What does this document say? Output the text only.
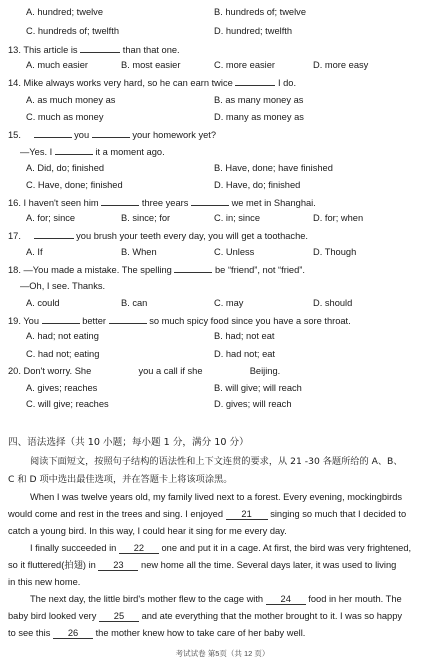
A. hundred; twelve	B. hundreds of; twelve
C. hundreds of; twelfth	D. hundred; twelfth
13. This article is	than that one.
A. much easier	B. most easier	C. more easier	D. more easy
14. Mike always works very hard, so he can earn twice	I do.
A. as much money as	B. as many money as
C. much as money	D. many as money as
15.	you	your homework yet?
—Yes. I	it a moment ago.
A. Did, do; finished	B. Have, done; have finished
C. Have, done; finished	D. Have, do; finished
16. I haven't seen him	three years	we met in Shanghai.
A. for; since	B. since; for	C. in; since	D. for; when
17.	you brush your teeth every day, you will get a toothache.
A. If	B. When	C. Unless	D. Though
18. —You made a mistake. The spelling	be “friend”, not “fried”.
—Oh, I see. Thanks.
A. could	B. can	C. may	D. should
19. You	better	so much spicy food since you have a sore throat.
A. had; not eating	B. had; not eat
C. had not; eating	D. had not; eat
20. Don't worry. She	you a call if she	Beijing.
A. gives; reaches	B. will give; will reach
C. will give; reaches	D. gives; will reach
四、语法选择（共 10 小题；每小题 1 分，满分 10 分）
阅读下面短文，按照句子结构的语法性和上下文连贯的要求，从 21 -30 各题所给的 A、B、
C 和 D 项中选出最佳选项，并在答题卡上将该项涂黑。
When I was twelve years old, my family lived next to a forest. Every evening, mockingbirds
would come and rest in the trees and sing. I enjoyed 21 singing so much that I decided to
catch a young bird. In this way, I could hear it sing for me every day.
I finally succeeded in 22 one and put it in a cage. At first, the bird was very frightened,
so it fluttered(拍翅) in 23 new home all the time. Several days later, it was used to living
in this new home.
The next day, the little bird's mother flew to the cage with 24 food in her mouth. The
baby bird looked very 25 and ate everything that the mother brought to it. I was so happy
to see this 26 the mother knew how to take care of her baby well.
考试试卷 第5页（共 12 页）
